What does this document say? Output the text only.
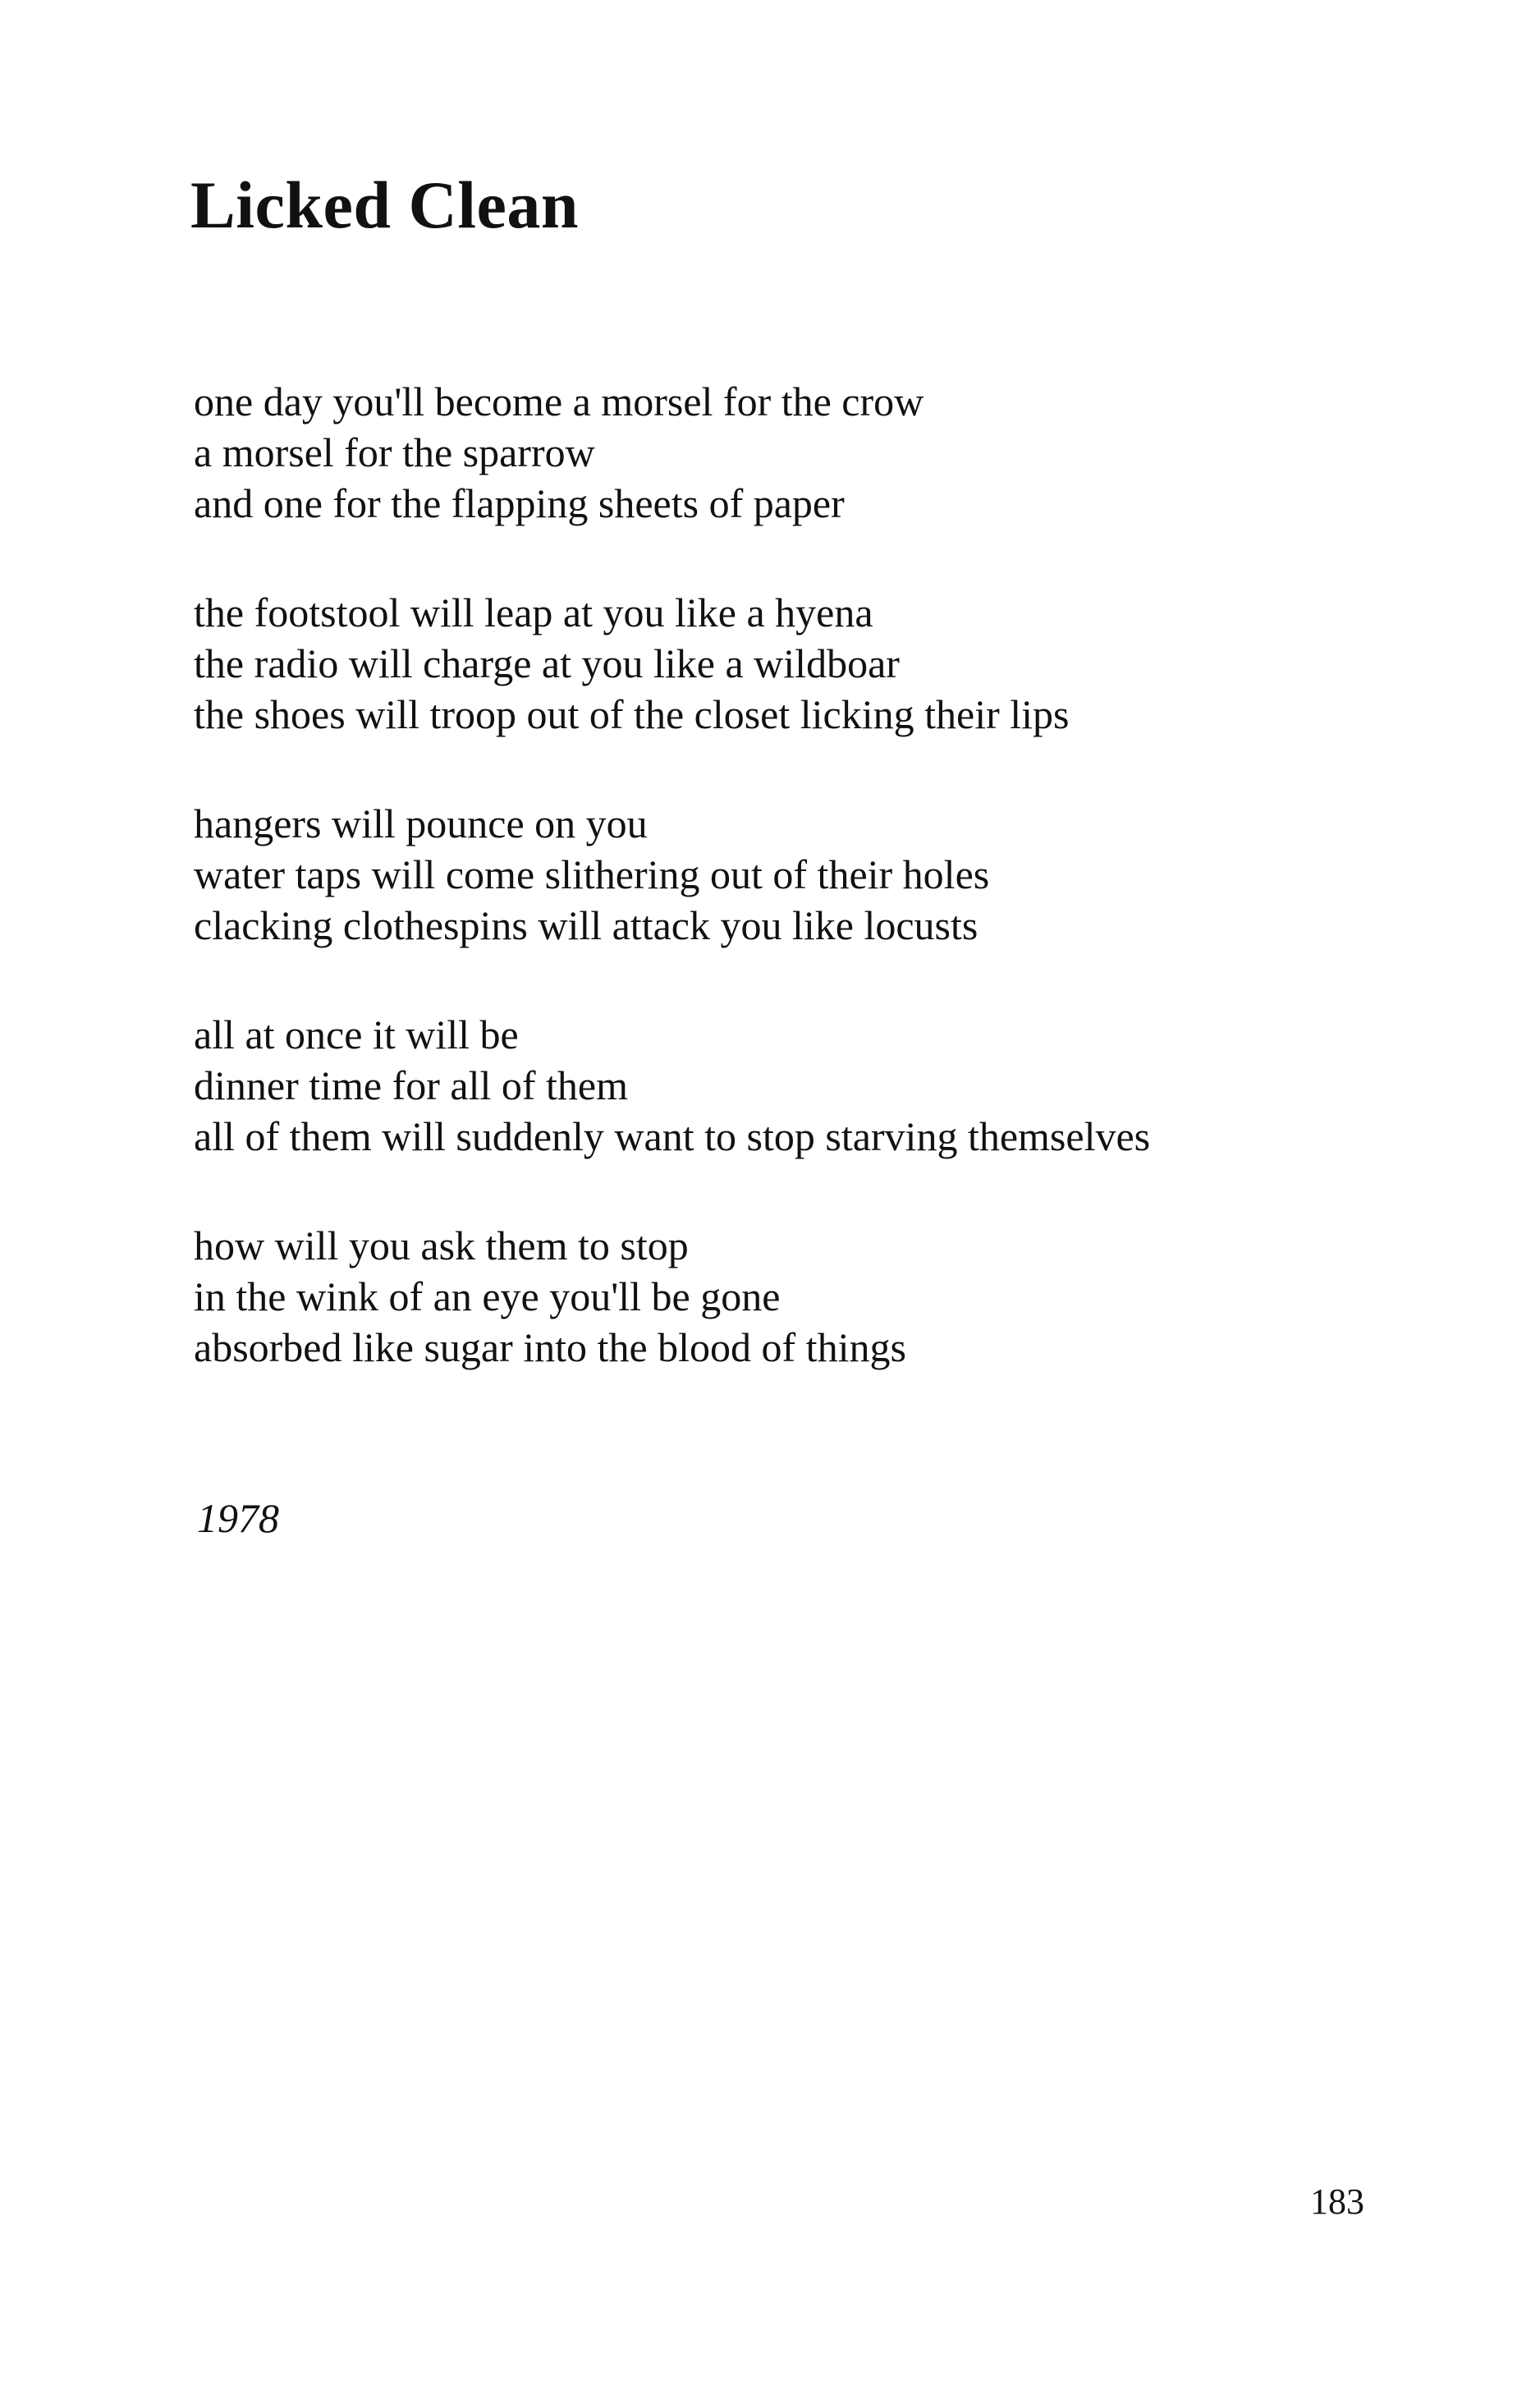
Licked Clean
one day you'll become a morsel for the crow
a morsel for the sparrow
and one for the flapping sheets of paper
the footstool will leap at you like a hyena
the radio will charge at you like a wildboar
the shoes will troop out of the closet licking their lips
hangers will pounce on you
water taps will come slithering out of their holes
clacking clothespins will attack you like locusts
all at once it will be
dinner time for all of them
all of them will suddenly want to stop starving themselves
how will you ask them to stop
in the wink of an eye you'll be gone
absorbed like sugar into the blood of things

1978

183
